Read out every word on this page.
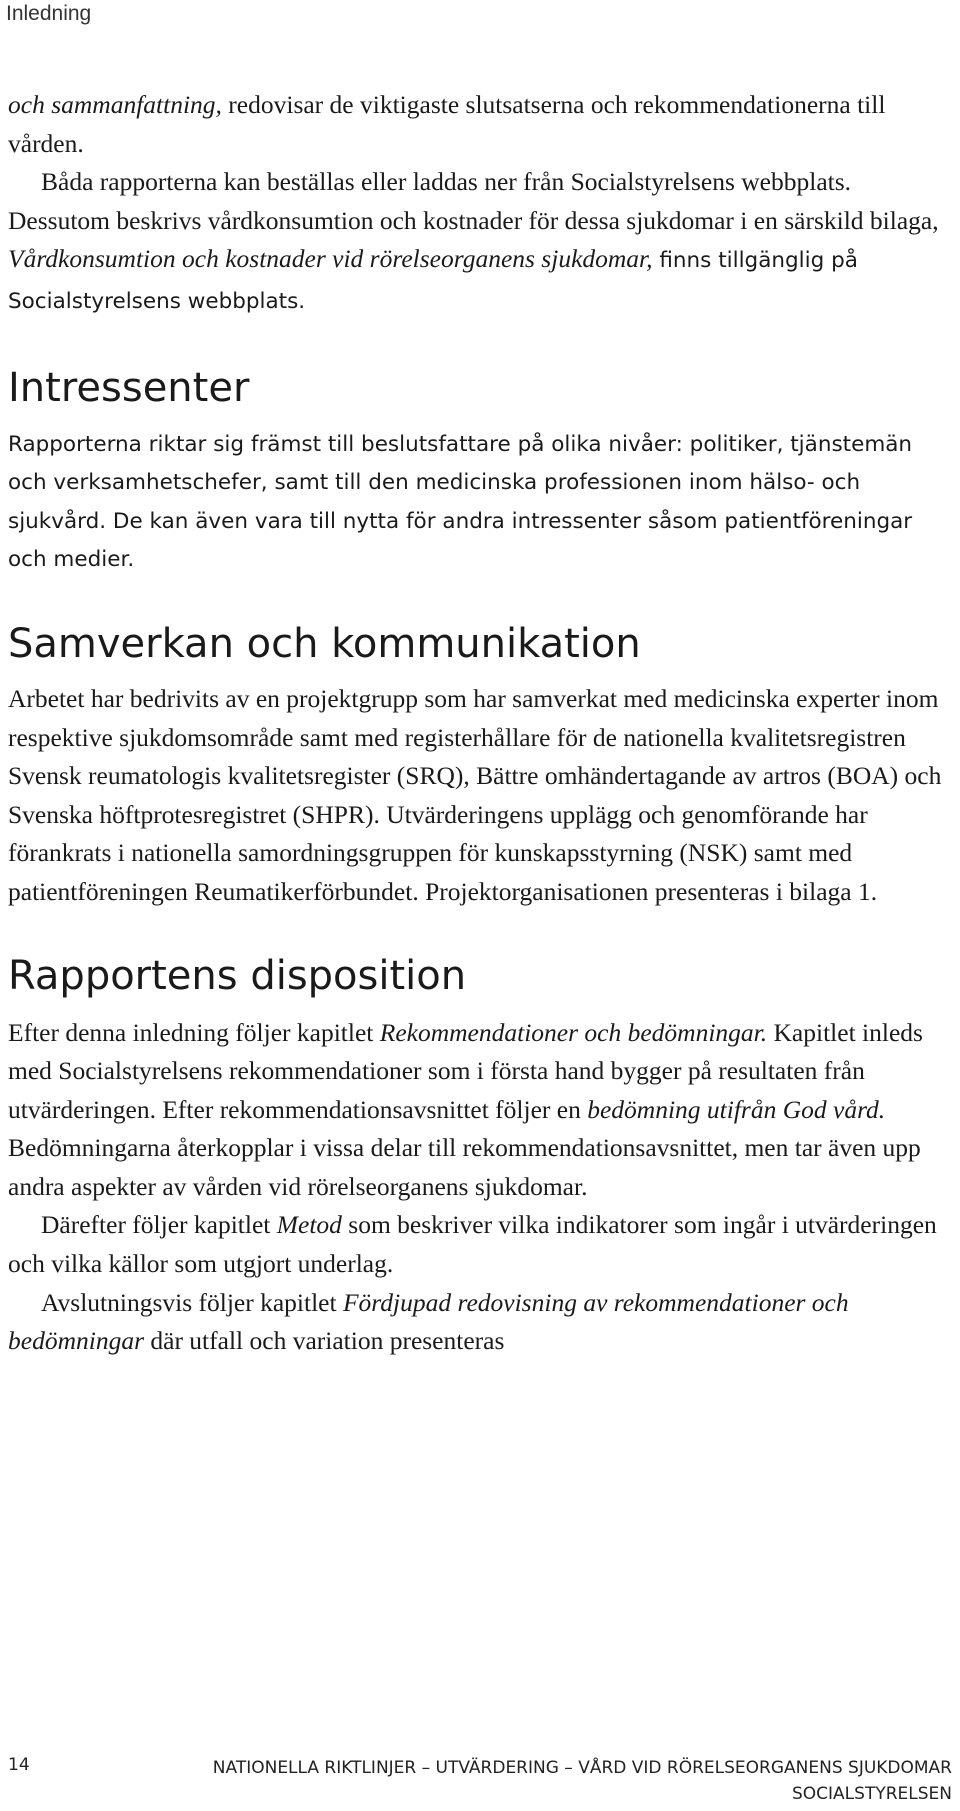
Inledning

och sammanfattning, redovisar de viktigaste slutsatserna och rekommendationerna till vården.

Båda rapporterna kan beställas eller laddas ner från Socialstyrelsens webbplats. Dessutom beskrivs vårdkonsumtion och kostnader för dessa sjukdomar i en särskild bilaga, Vårdkonsumtion och kostnader vid rörelseorganens sjukdomar, finns tillgänglig på Socialstyrelsens webbplats.

Intressenter

Rapporterna riktar sig främst till beslutsfattare på olika nivåer: politiker, tjänstemän och verksamhetschefer, samt till den medicinska professionen inom hälso- och sjukvård. De kan även vara till nytta för andra intressenter såsom patientföreningar och medier.

Samverkan och kommunikation

Arbetet har bedrivits av en projektgrupp som har samverkat med medicinska experter inom respektive sjukdomsområde samt med registerhållare för de nationella kvalitetsregistren Svensk reumatologis kvalitetsregister (SRQ), Bättre omhändertagande av artros (BOA) och Svenska höftprotesregistret (SHPR). Utvärderingens upplägg och genomförande har förankrats i nationella samordningsgruppen för kunskapsstyrning (NSK) samt med patientföreningen Reumatikerförbundet. Projektorganisationen presenteras i bilaga 1.

Rapportens disposition

Efter denna inledning följer kapitlet Rekommendationer och bedömningar. Kapitlet inleds med Socialstyrelsens rekommendationer som i första hand bygger på resultaten från utvärderingen. Efter rekommendationsavsnittet följer en bedömning utifrån God vård. Bedömningarna återkopplar i vissa delar till rekommendationsavsnittet, men tar även upp andra aspekter av vården vid rörelseorganens sjukdomar.

Därefter följer kapitlet Metod som beskriver vilka indikatorer som ingår i utvärderingen och vilka källor som utgjort underlag.

Avslutningsvis följer kapitlet Fördjupad redovisning av rekommendationer och bedömningar där utfall och variation presenteras

14	NATIONELLA RIKTLINJER – UTVÄRDERING – VÅRD VID RÖRELSEORGANENS SJUKDOMAR
SOCIALSTYRELSEN
